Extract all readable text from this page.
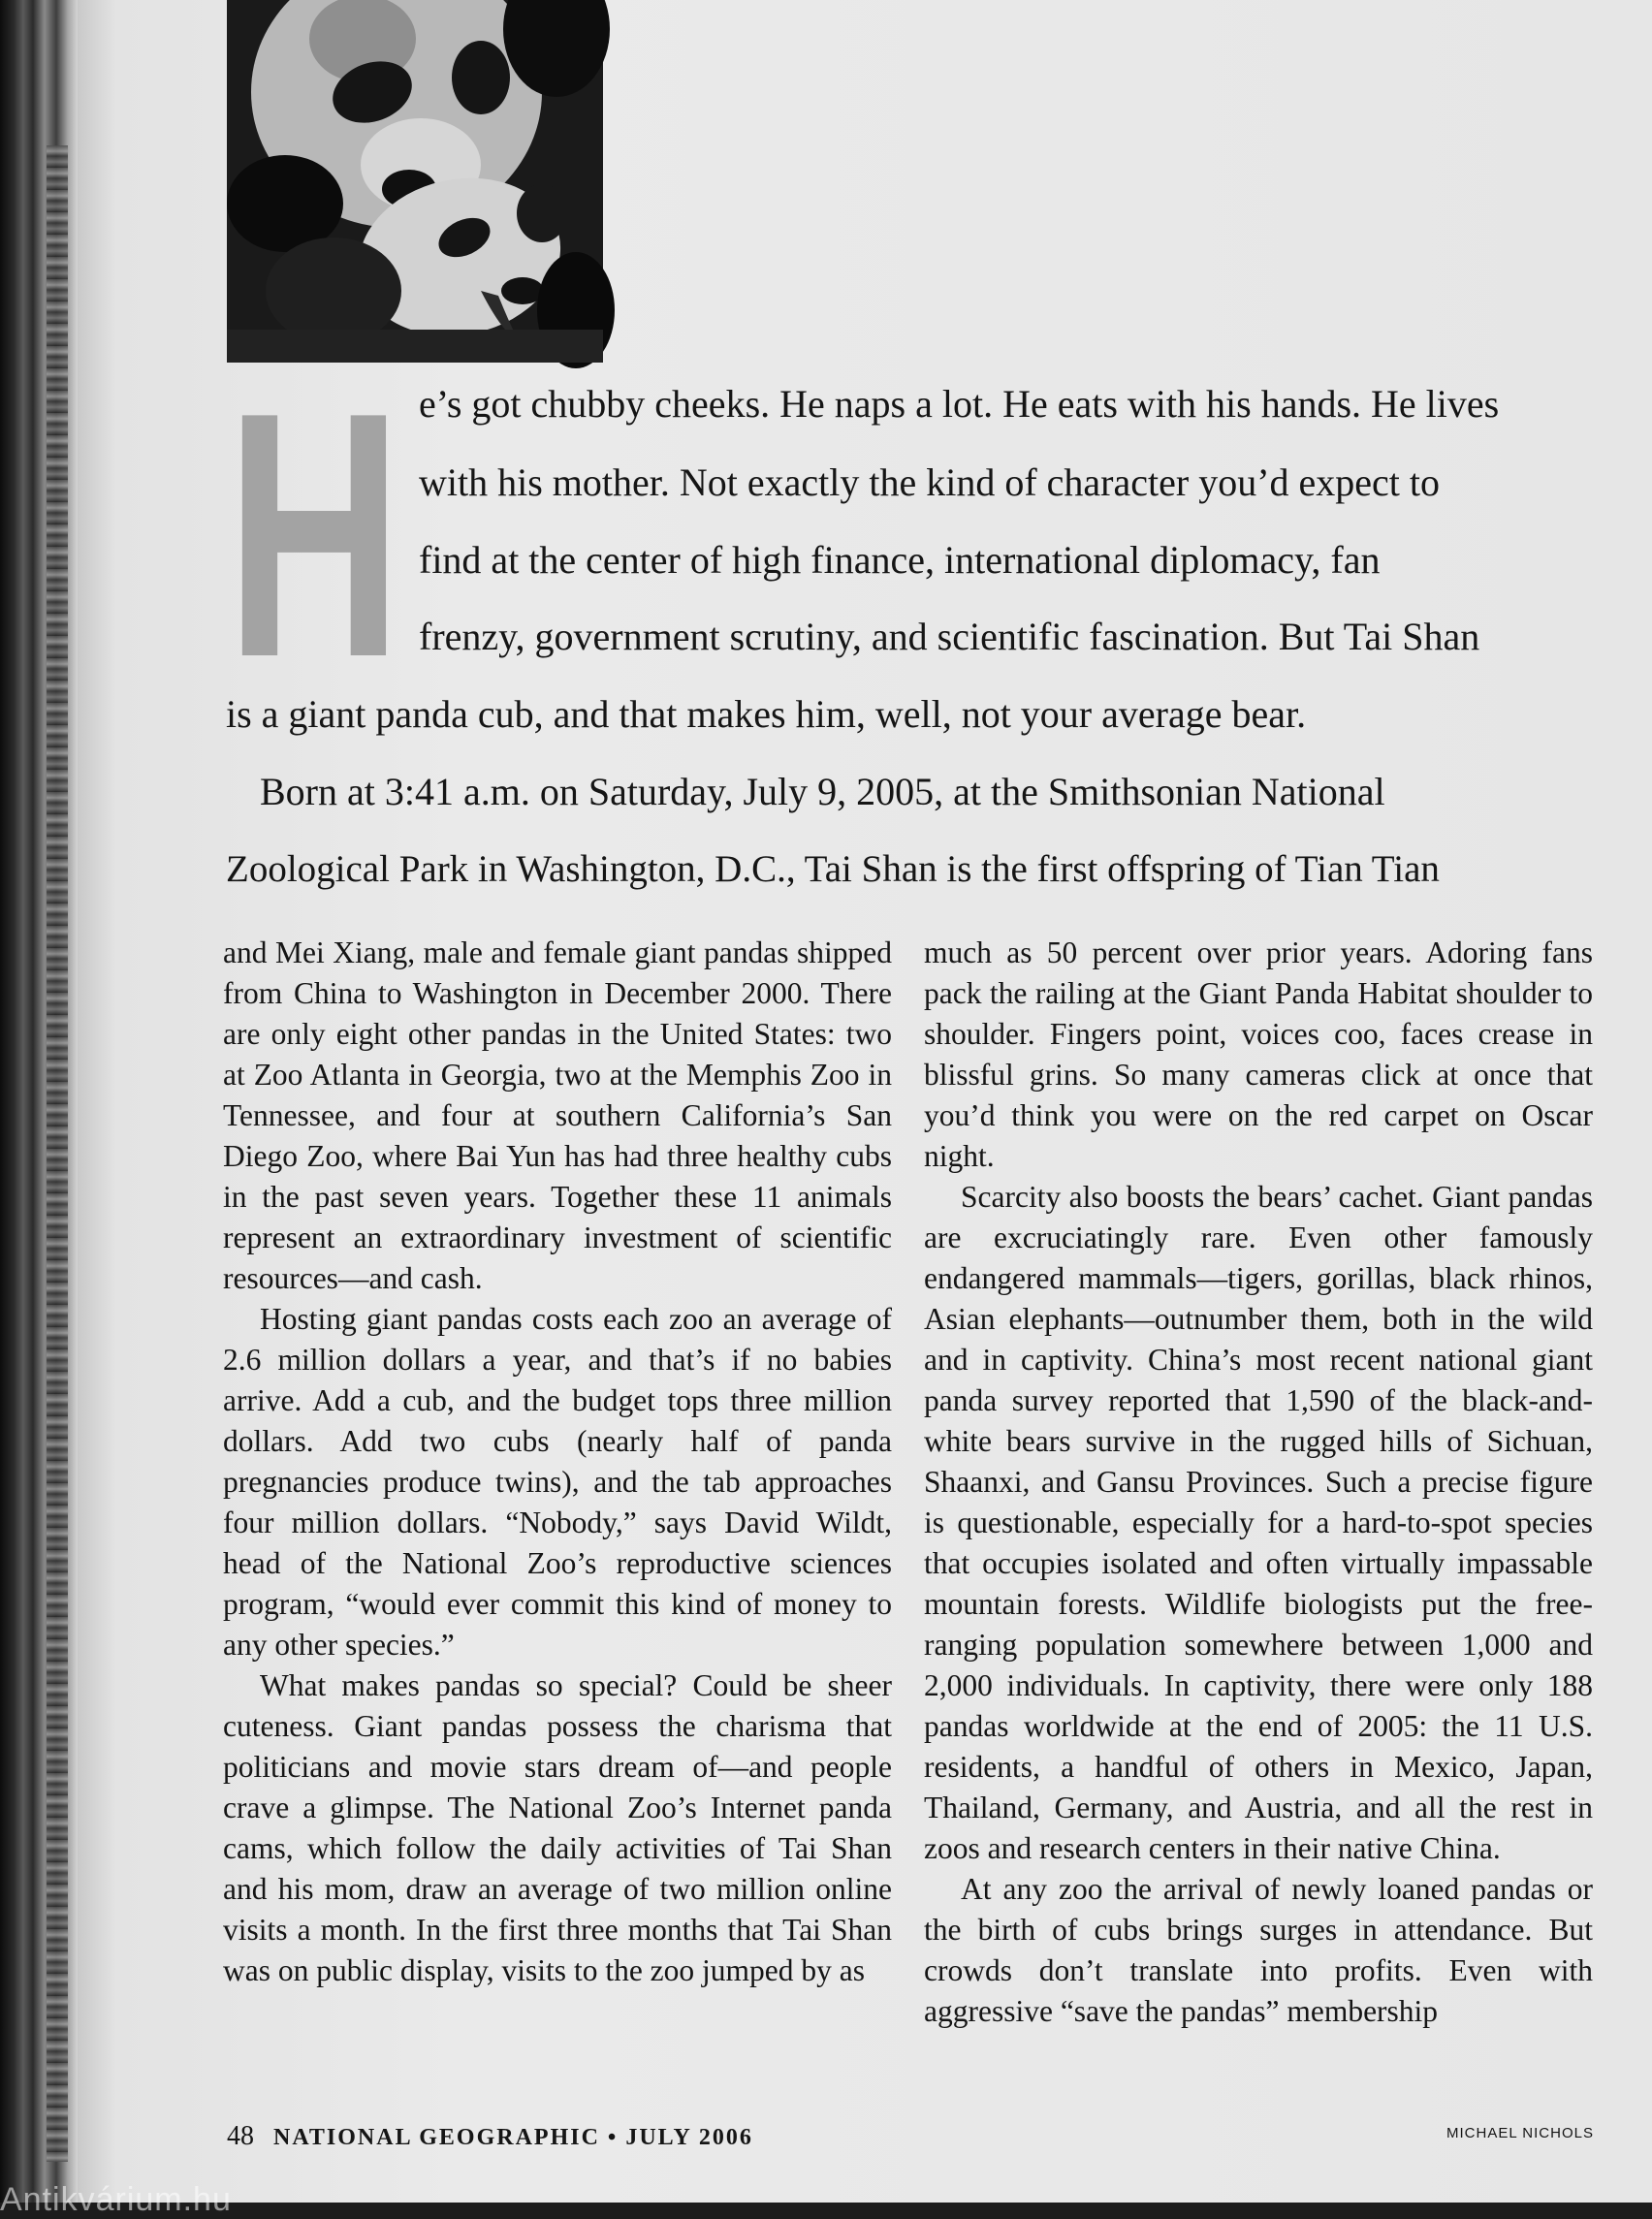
H e’s got chubby cheeks. He naps a lot. He eats with his hands. He lives
with his mother. Not exactly the kind of character you’d expect to
find at the center of high finance, international diplomacy, fan
frenzy, government scrutiny, and scientific fascination. But Tai Shan
is a giant panda cub, and that makes him, well, not your average bear.
Born at 3:41 a.m. on Saturday, July 9, 2005, at the Smithsonian National
Zoological Park in Washington, D.C., Tai Shan is the first offspring of Tian Tian

and Mei Xiang, male and female giant pandas shipped from China to Washington in December 2000. There are only eight other pandas in the United States: two at Zoo Atlanta in Georgia, two at the Memphis Zoo in Tennessee, and four at southern California’s San Diego Zoo, where Bai Yun has had three healthy cubs in the past seven years. Together these 11 animals represent an extraordinary investment of scientific resources—and cash.

Hosting giant pandas costs each zoo an average of 2.6 million dollars a year, and that’s if no babies arrive. Add a cub, and the budget tops three million dollars. Add two cubs (nearly half of panda pregnancies produce twins), and the tab approaches four million dollars. “Nobody,” says David Wildt, head of the National Zoo’s reproductive sciences program, “would ever commit this kind of money to any other species.”

What makes pandas so special? Could be sheer cuteness. Giant pandas possess the charisma that politicians and movie stars dream of—and people crave a glimpse. The National Zoo’s Internet panda cams, which follow the daily activities of Tai Shan and his mom, draw an average of two million online visits a month. In the first three months that Tai Shan was on public display, visits to the zoo jumped by as

much as 50 percent over prior years. Adoring fans pack the railing at the Giant Panda Habitat shoulder to shoulder. Fingers point, voices coo, faces crease in blissful grins. So many cameras click at once that you’d think you were on the red carpet on Oscar night.

Scarcity also boosts the bears’ cachet. Giant pandas are excruciatingly rare. Even other famously endangered mammals—tigers, gorillas, black rhinos, Asian elephants—outnumber them, both in the wild and in captivity. China’s most recent national giant panda survey reported that 1,590 of the black-and-white bears survive in the rugged hills of Sichuan, Shaanxi, and Gansu Provinces. Such a precise figure is questionable, especially for a hard-to-spot species that occupies isolated and often virtually impassable mountain forests. Wildlife biologists put the free-ranging population somewhere between 1,000 and 2,000 individuals. In captivity, there were only 188 pandas worldwide at the end of 2005: the 11 U.S. residents, a handful of others in Mexico, Japan, Thailand, Germany, and Austria, and all the rest in zoos and research centers in their native China.

At any zoo the arrival of newly loaned pandas or the birth of cubs brings surges in attendance. But crowds don’t translate into profits. Even with aggressive “save the pandas” membership

48 NATIONAL GEOGRAPHIC • JULY 2006	MICHAEL NICHOLS
Antikvárium.hu
